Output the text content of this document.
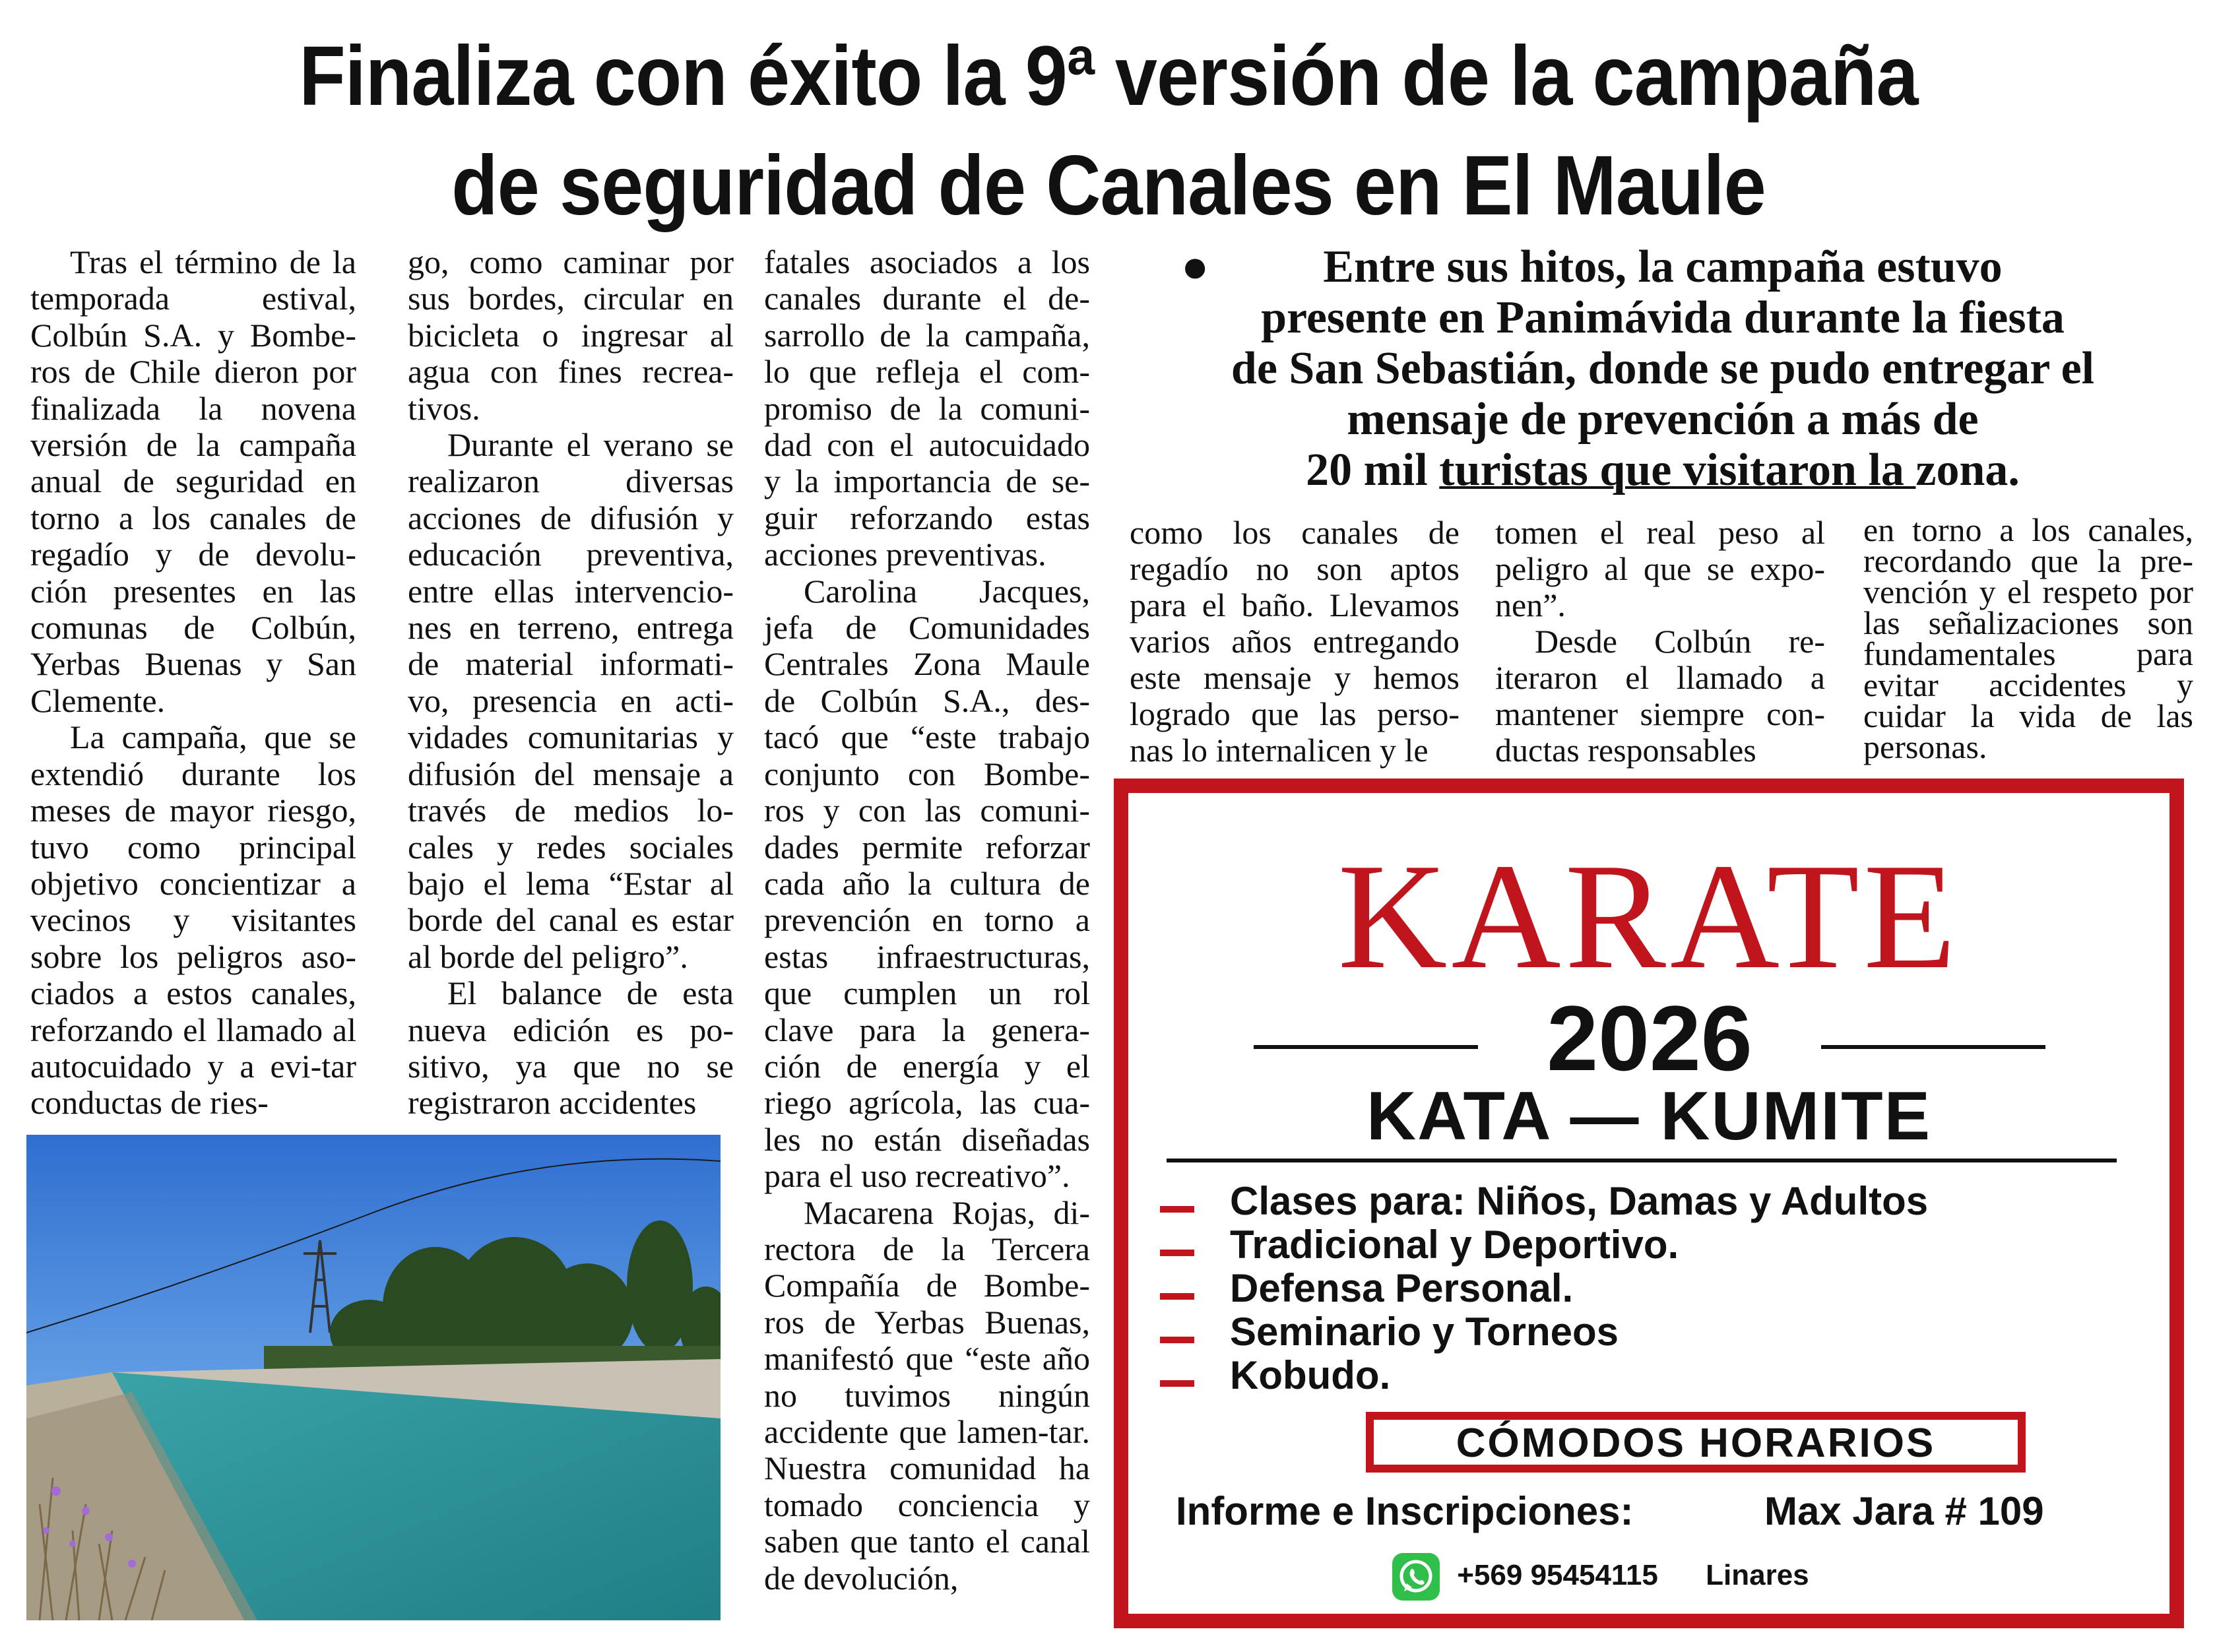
Finaliza con éxito la 9ª versión de la campaña
de seguridad de Canales en El Maule

Tras el término de la temporada estival, Colbún S.A. y Bombe-ros de Chile dieron por finalizada la novena versión de la campaña anual de seguridad en torno a los canales de regadío y de devolu-ción presentes en las comunas de Colbún, Yerbas Buenas y San Clemente.

La campaña, que se extendió durante los meses de mayor riesgo, tuvo como principal objetivo concientizar a vecinos y visitantes sobre los peligros aso-ciados a estos canales, reforzando el llamado al autocuidado y a evi-tar conductas de ries-

go, como caminar por sus bordes, circular en bicicleta o ingresar al agua con fines recrea-tivos.

Durante el verano se realizaron diversas acciones de difusión y educación preventiva, entre ellas intervencio-nes en terreno, entrega de material informati-vo, presencia en acti-vidades comunitarias y difusión del mensaje a través de medios lo-cales y redes sociales bajo el lema “Estar al borde del canal es estar al borde del peligro”.

El balance de esta nueva edición es po-sitivo, ya que no se registraron accidentes

fatales asociados a los canales durante el de-sarrollo de la campaña, lo que refleja el com-promiso de la comuni-dad con el autocuidado y la importancia de se-guir reforzando estas acciones preventivas.

Carolina Jacques, jefa de Comunidades Centrales Zona Maule de Colbún S.A., des-tacó que “este trabajo conjunto con Bombe-ros y con las comuni-dades permite reforzar cada año la cultura de prevención en torno a estas infraestructuras, que cumplen un rol clave para la genera-ción de energía y el riego agrícola, las cua-les no están diseñadas para el uso recreativo”.

Macarena Rojas, di-rectora de la Tercera Compañía de Bombe-ros de Yerbas Buenas, manifestó que “este año no tuvimos ningún accidente que lamen-tar. Nuestra comunidad ha tomado conciencia y saben que tanto el canal de devolución,

●	Entre sus hitos, la campaña estuvo
presente en Panimávida durante la fiesta
de San Sebastián, donde se pudo entregar el
mensaje de prevención a más de
20 mil turistas que visitaron la zona.

como los canales de regadío no son aptos para el baño. Llevamos varios años entregando este mensaje y hemos logrado que las perso-nas lo internalicen y le

tomen el real peso al peligro al que se expo-nen”.

Desde Colbún re-iteraron el llamado a mantener siempre con-ductas responsables

en torno a los canales, recordando que la pre-vención y el respeto por las señalizaciones son fundamentales para evitar accidentes y cuidar la vida de las personas.

KARATE
2026
KATA — KUMITE
Clases para: Niños, Damas y Adultos
Tradicional y Deportivo.
Defensa Personal.
Seminario y Torneos
Kobudo.
CÓMODOS HORARIOS
Informe e Inscripciones:	Max Jara # 109
+569 95454115 Linares
